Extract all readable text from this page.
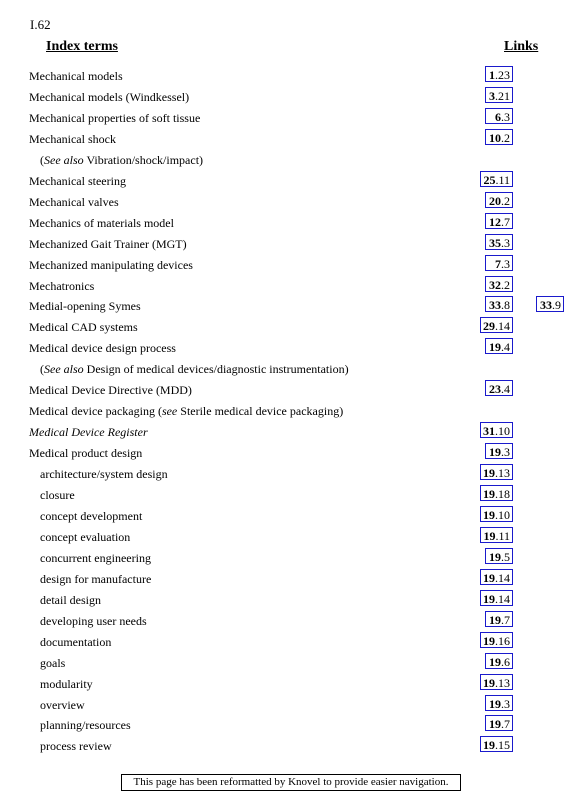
I.62
Index terms	Links
Mechanical models	1.23
Mechanical models (Windkessel)	3.21
Mechanical properties of soft tissue	6.3
Mechanical shock	10.2
(See also Vibration/shock/impact)
Mechanical steering	25.11
Mechanical valves	20.2
Mechanics of materials model	12.7
Mechanized Gait Trainer (MGT)	35.3
Mechanized manipulating devices	7.3
Mechatronics	32.2
Medial-opening Symes	33.8	33.9
Medical CAD systems	29.14
Medical device design process	19.4
(See also Design of medical devices/diagnostic instrumentation)
Medical Device Directive (MDD)	23.4
Medical device packaging (see Sterile medical device packaging)
Medical Device Register	31.10
Medical product design	19.3
architecture/system design	19.13
closure	19.18
concept development	19.10
concept evaluation	19.11
concurrent engineering	19.5
design for manufacture	19.14
detail design	19.14
developing user needs	19.7
documentation	19.16
goals	19.6
modularity	19.13
overview	19.3
planning/resources	19.7
process review	19.15
This page has been reformatted by Knovel to provide easier navigation.
